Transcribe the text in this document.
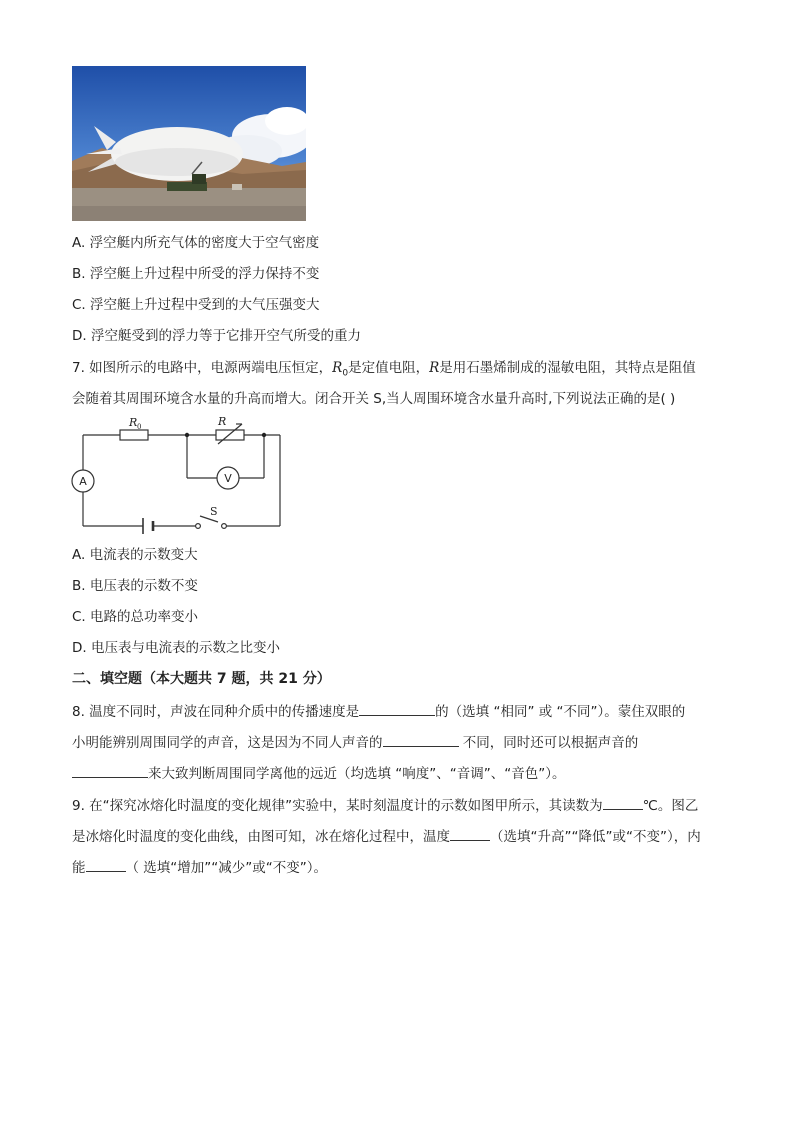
A. 浮空艇内所充气体的密度大于空气密度
B. 浮空艇上升过程中所受的浮力保持不变
C. 浮空艇上升过程中受到的大气压强变大
D. 浮空艇受到的浮力等于它排开空气所受的重力
7. 如图所示的电路中，电源两端电压恒定，$R_0$是定值电阻，R是用石墨烯制成的湿敏电阻，其特点是阻值
会随着其周围环境含水量的升高而增大。闭合开关 S,当人周围环境含水量升高时,下列说法正确的是( )
R 0	R
V
A
S
A. 电流表的示数变大
B. 电压表的示数不变
C. 电路的总功率变小
D. 电压表与电流表的示数之比变小
二、填空题（本大题共 7 题，共 21 分）
8. 温度不同时，声波在同种介质中的传播速度是	的（选填 “相同” 或 “不同”）。蒙住双眼的
小明能辨别周围同学的声音，这是因为不同人声音的	不同，同时还可以根据声音的
来大致判断周围同学离他的远近（均选填 “响度”、“音调”、“音色”）。
9. 在“探究冰熔化时温度的变化规律”实验中，某时刻温度计的示数如图甲所示，其读数为	℃。图乙
是冰熔化时温度的变化曲线，由图可知，冰在熔化过程中，温度	（选填“升高”“降低”或“不变”），内
能	（ 选填“增加”“减少”或“不变”）。
